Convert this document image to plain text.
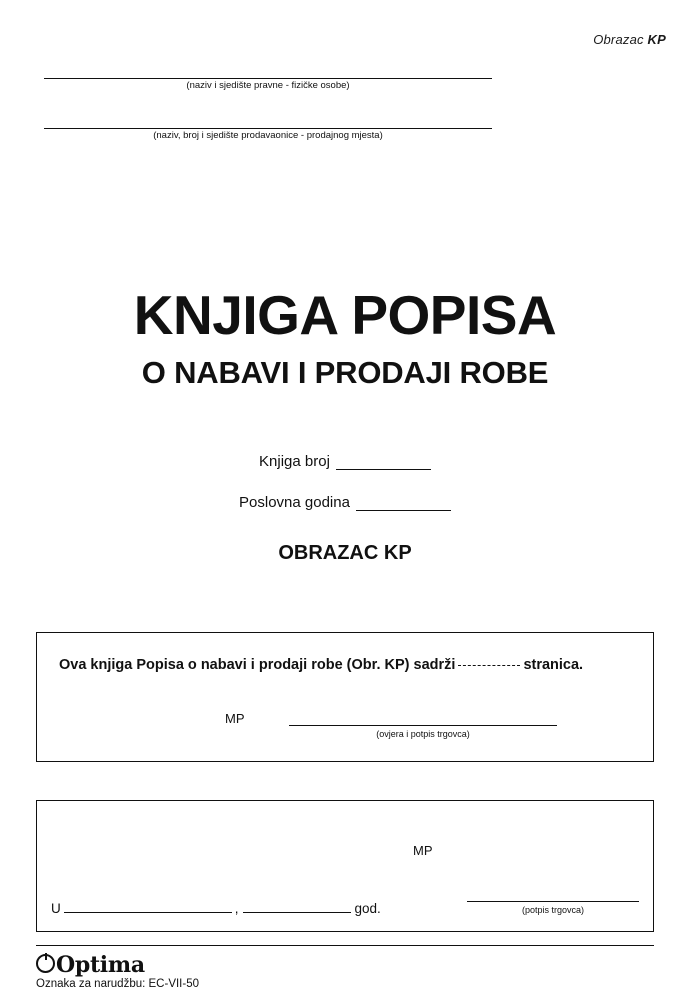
Obrazac KP
(naziv i sjedište pravne - fizičke osobe)
(naziv, broj i sjedište prodavaonice - prodajnog mjesta)
KNJIGA POPISA
O NABAVI I PRODAJI ROBE
Knjiga broj
Poslovna godina
OBRAZAC KP
Ova knjiga Popisa o nabavi i prodaji robe (Obr. KP) sadrži	stranica.
MP
(ovjera i potpis trgovca)
MP
U	,	god.	(potpis trgovca)
Optima
Oznaka za narudžbu: EC-VII-50
